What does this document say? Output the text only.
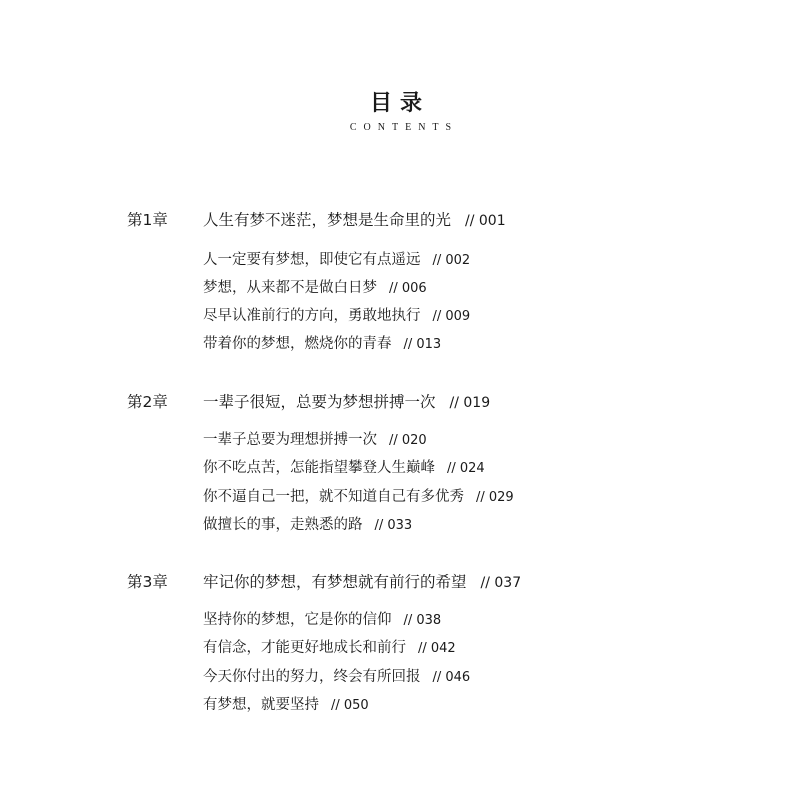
目录
CONTENTS
第1章 人生有梦不迷茫，梦想是生命里的光 // 001
人一定要有梦想，即使它有点遥远 // 002
梦想，从来都不是做白日梦 // 006
尽早认准前行的方向，勇敢地执行 // 009
带着你的梦想，燃烧你的青春 // 013
第2章 一辈子很短，总要为梦想拼搏一次 // 019
一辈子总要为理想拼搏一次 // 020
你不吃点苦，怎能指望攀登人生巅峰 // 024
你不逼自己一把，就不知道自己有多优秀 // 029
做擅长的事，走熟悉的路 // 033
第3章 牢记你的梦想，有梦想就有前行的希望 // 037
坚持你的梦想，它是你的信仰 // 038
有信念，才能更好地成长和前行 // 042
今天你付出的努力，终会有所回报 // 046
有梦想，就要坚持 // 050
